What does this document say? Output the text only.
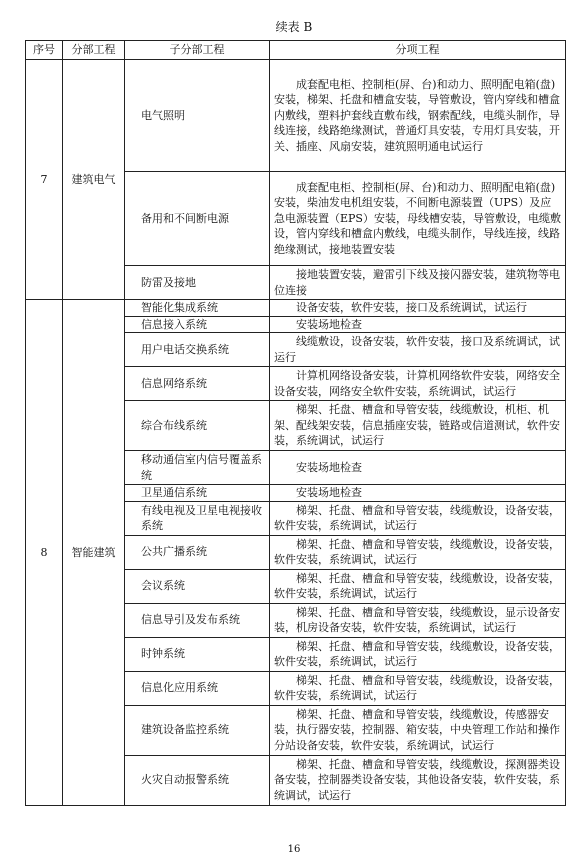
续表 B
序号	分部工程	子分部工程	分项工程
7	建筑电气	电气照明	成套配电柜、控制柜(屏、台)和动力、照明配电箱(盘)安装，梯架、托盘和槽盒安装，导管敷设，管内穿线和槽盒内敷线，塑料护套线直敷布线，钢索配线，电缆头制作，导线连接，线路绝缘测试，普通灯具安装，专用灯具安装，开关、插座、风扇安装，建筑照明通电试运行
		备用和不间断电源	成套配电柜、控制柜(屏、台)和动力、照明配电箱(盘)安装，柴油发电机组安装，不间断电源装置（UPS）及应急电源装置（EPS）安装，母线槽安装，导管敷设，电缆敷设，管内穿线和槽盒内敷线，电缆头制作，导线连接，线路绝缘测试，接地装置安装
		防雷及接地	接地装置安装，避雷引下线及接闪器安装，建筑物等电位连接
8	智能建筑	智能化集成系统	设备安装，软件安装，接口及系统调试，试运行
		信息接入系统	安装场地检查
		用户电话交换系统	线缆敷设，设备安装，软件安装，接口及系统调试，试运行
		信息网络系统	计算机网络设备安装，计算机网络软件安装，网络安全设备安装，网络安全软件安装，系统调试，试运行
		综合布线系统	梯架、托盘、槽盒和导管安装，线缆敷设，机柜、机架、配线架安装，信息插座安装，链路或信道测试，软件安装，系统调试，试运行
		移动通信室内信号覆盖系统	安装场地检查
		卫星通信系统	安装场地检查
		有线电视及卫星电视接收系统	梯架、托盘、槽盒和导管安装，线缆敷设，设备安装，软件安装，系统调试，试运行
		公共广播系统	梯架、托盘、槽盒和导管安装，线缆敷设，设备安装，软件安装，系统调试，试运行
		会议系统	梯架、托盘、槽盒和导管安装，线缆敷设，设备安装，软件安装，系统调试，试运行
		信息导引及发布系统	梯架、托盘、槽盒和导管安装，线缆敷设，显示设备安装，机房设备安装，软件安装，系统调试，试运行
		时钟系统	梯架、托盘、槽盒和导管安装，线缆敷设，设备安装，软件安装，系统调试，试运行
		信息化应用系统	梯架、托盘、槽盒和导管安装，线缆敷设，设备安装，软件安装，系统调试，试运行
		建筑设备监控系统	梯架、托盘、槽盒和导管安装，线缆敷设，传感器安装，执行器安装，控制器、箱安装，中央管理工作站和操作分站设备安装，软件安装，系统调试，试运行
		火灾自动报警系统	梯架、托盘、槽盒和导管安装，线缆敷设，探测器类设备安装，控制器类设备安装，其他设备安装，软件安装，系统调试，试运行
16
